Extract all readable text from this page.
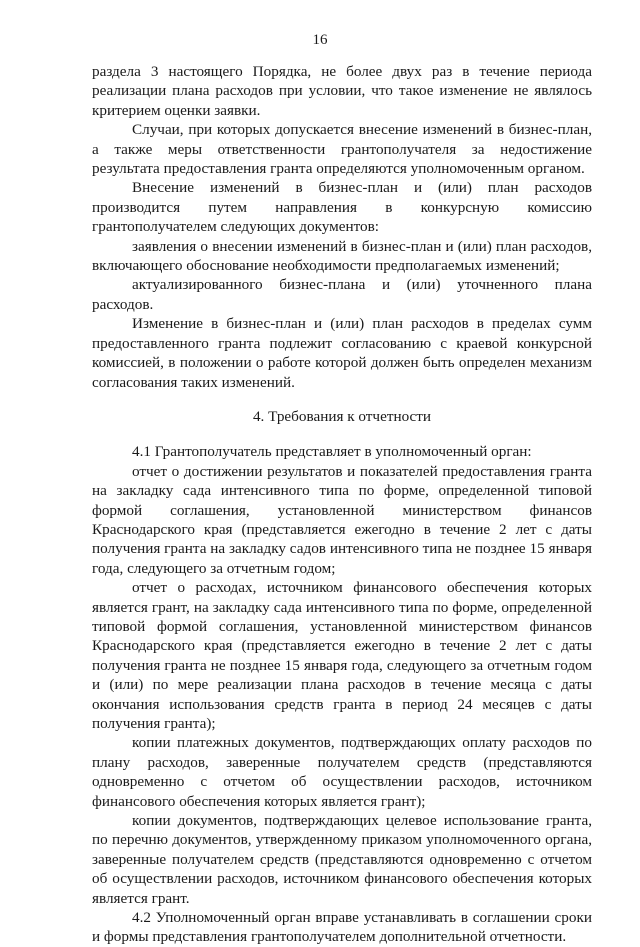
16

раздела 3 настоящего Порядка, не более двух раз в течение периода реализации плана расходов при условии, что такое изменение не являлось критерием оценки заявки.

Случаи, при которых допускается внесение изменений в бизнес-план, а также меры ответственности грантополучателя за недостижение результата предоставления гранта определяются уполномоченным органом.

Внесение изменений в бизнес-план и (или) план расходов производится путем направления в конкурсную комиссию грантополучателем следующих документов:

заявления о внесении изменений в бизнес-план и (или) план расходов, включающего обоснование необходимости предполагаемых изменений;

актуализированного бизнес-плана и (или) уточненного плана расходов.

Изменение в бизнес-план и (или) план расходов в пределах сумм предоставленного гранта подлежит согласованию с краевой конкурсной комиссией, в положении о работе которой должен быть определен механизм согласования таких изменений.

4. Требования к отчетности

4.1 Грантополучатель представляет в уполномоченный орган:

отчет о достижении результатов и показателей предоставления гранта на закладку сада интенсивного типа по форме, определенной типовой формой соглашения, установленной министерством финансов Краснодарского края (представляется ежегодно в течение 2 лет с даты получения гранта на закладку садов интенсивного типа не позднее 15 января года, следующего за отчетным годом;

отчет о расходах, источником финансового обеспечения которых является грант, на закладку сада интенсивного типа по форме, определенной типовой формой соглашения, установленной министерством финансов Краснодарского края (представляется ежегодно в течение 2 лет с даты получения гранта не позднее 15 января года, следующего за отчетным годом и (или) по мере реализации плана расходов в течение месяца с даты окончания использования средств гранта в период 24 месяцев с даты получения гранта);

копии платежных документов, подтверждающих оплату расходов по плану расходов, заверенные получателем средств (представляются одновременно с отчетом об осуществлении расходов, источником финансового обеспечения которых является грант);

копии документов, подтверждающих целевое использование гранта, по перечню документов, утвержденному приказом уполномоченного органа, заверенные получателем средств (представляются одновременно с отчетом об осуществлении расходов, источником финансового обеспечения которых является грант.

4.2 Уполномоченный орган вправе устанавливать в соглашении сроки и формы представления грантополучателем дополнительной отчетности.
